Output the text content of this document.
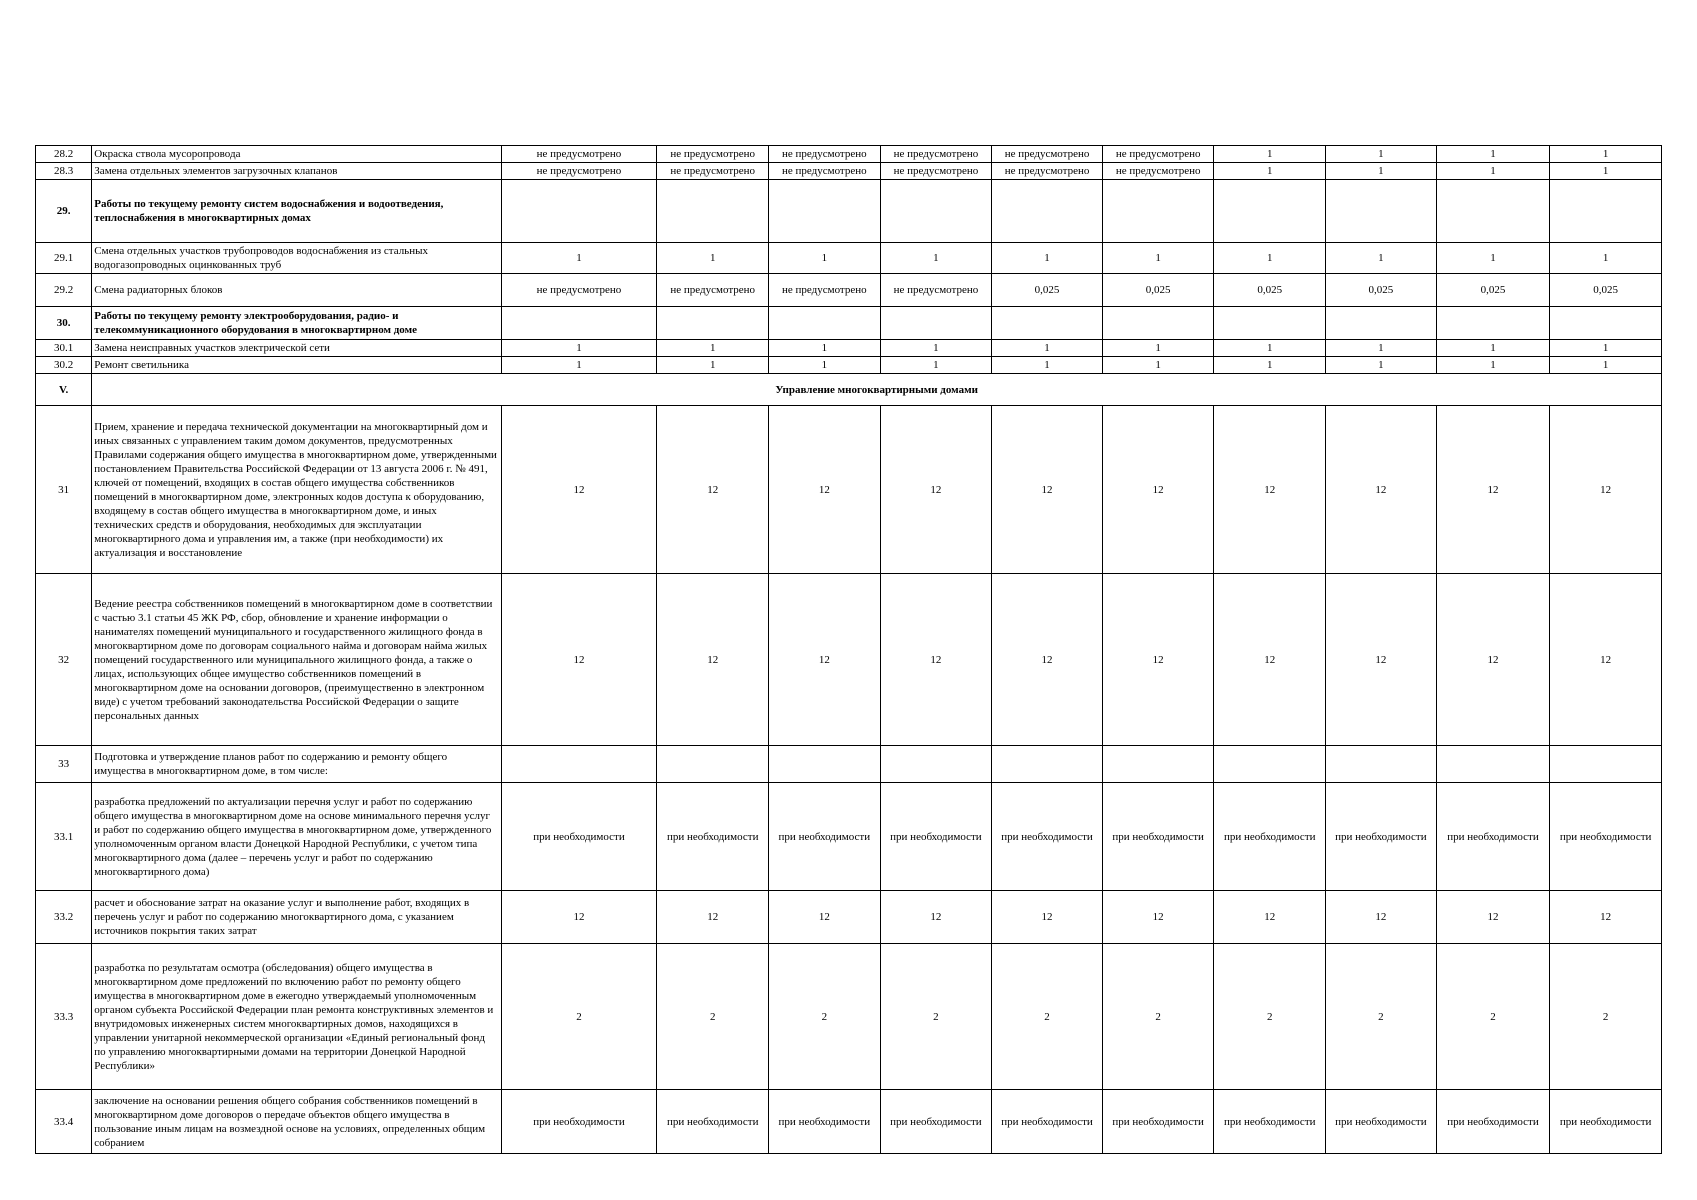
28.2	Окраска ствола мусоропровода	не предусмотрено	не предусмотрено	не предусмотрено	не предусмотрено	не предусмотрено	не предусмотрено	1	1	1	1
28.3	Замена отдельных элементов загрузочных клапанов	не предусмотрено	не предусмотрено	не предусмотрено	не предусмотрено	не предусмотрено	не предусмотрено	1	1	1	1
29.	Работы по текущему ремонту систем водоснабжения и водоотведения, теплоснабжения в многоквартирных домах										
29.1	Смена отдельных участков трубопроводов водоснабжения из стальных водогазопроводных оцинкованных труб	1	1	1	1	1	1	1	1	1	1
29.2	Смена радиаторных блоков	не предусмотрено	не предусмотрено	не предусмотрено	не предусмотрено	0,025	0,025	0,025	0,025	0,025	0,025
30.	Работы по текущему ремонту электрооборудования, радио- и телекоммуникационного оборудования в многоквартирном доме										
30.1	Замена неисправных участков электрической сети	1	1	1	1	1	1	1	1	1	1
30.2	Ремонт светильника	1	1	1	1	1	1	1	1	1	1
V.	Управление многоквартирными домами										
31	Прием, хранение и передача технической документации на многоквартирный дом и иных связанных с управлением таким домом документов, предусмотренных Правилами содержания общего имущества в многоквартирном доме, утвержденными постановлением Правительства Российской Федерации от 13 августа 2006 г. № 491, ключей от помещений, входящих в состав общего имущества собственников помещений в многоквартирном доме, электронных кодов доступа к оборудованию, входящему в состав общего имущества в многоквартирном доме, и иных технических средств и оборудования, необходимых для эксплуатации многоквартирного дома и управления им, а также (при необходимости) их актуализация и восстановление	12	12	12	12	12	12	12	12	12	12
32	Ведение реестра собственников помещений в многоквартирном доме в соответствии с частью 3.1 статьи 45 ЖК РФ, сбор, обновление и хранение информации о нанимателях помещений муниципального и государственного жилищного фонда в многоквартирном доме по договорам социального найма и договорам найма жилых помещений государственного или муниципального жилищного фонда, а также о лицах, использующих общее имущество собственников помещений в многоквартирном доме на основании договоров, (преимущественно в электронном виде) с учетом требований законодательства Российской Федерации о защите персональных данных	12	12	12	12	12	12	12	12	12	12
33	Подготовка и утверждение планов работ по содержанию и ремонту общего имущества в многоквартирном доме, в том числе:										
33.1	разработка предложений по актуализации перечня услуг и работ по содержанию общего имущества в многоквартирном доме на основе минимального перечня услуг и работ по содержанию общего имущества в многоквартирном доме, утвержденного уполномоченным органом власти Донецкой Народной Республики, с учетом типа многоквартирного дома (далее – перечень услуг и работ по содержанию многоквартирного дома)	при необходимости	при необходимости	при необходимости	при необходимости	при необходимости	при необходимости	при необходимости	при необходимости	при необходимости	при необходимости
33.2	расчет и обоснование затрат на оказание услуг и выполнение работ, входящих в перечень услуг и работ по содержанию многоквартирного дома, с указанием источников покрытия таких затрат	12	12	12	12	12	12	12	12	12	12
33.3	разработка по результатам осмотра (обследования) общего имущества в многоквартирном доме предложений по включению работ по ремонту общего имущества в многоквартирном доме в ежегодно утверждаемый уполномоченным органом субъекта Российской Федерации план ремонта конструктивных элементов и внутридомовых инженерных систем многоквартирных домов, находящихся в управлении унитарной некоммерческой организации «Единый региональный фонд по управлению многоквартирными домами на территории Донецкой Народной Республики»	2	2	2	2	2	2	2	2	2	2
33.4	заключение на основании решения общего собрания собственников помещений в многоквартирном доме договоров о передаче объектов общего имущества в пользование иным лицам на возмездной основе на условиях, определенных общим собранием	при необходимости	при необходимости	при необходимости	при необходимости	при необходимости	при необходимости	при необходимости	при необходимости	при необходимости	при необходимости
